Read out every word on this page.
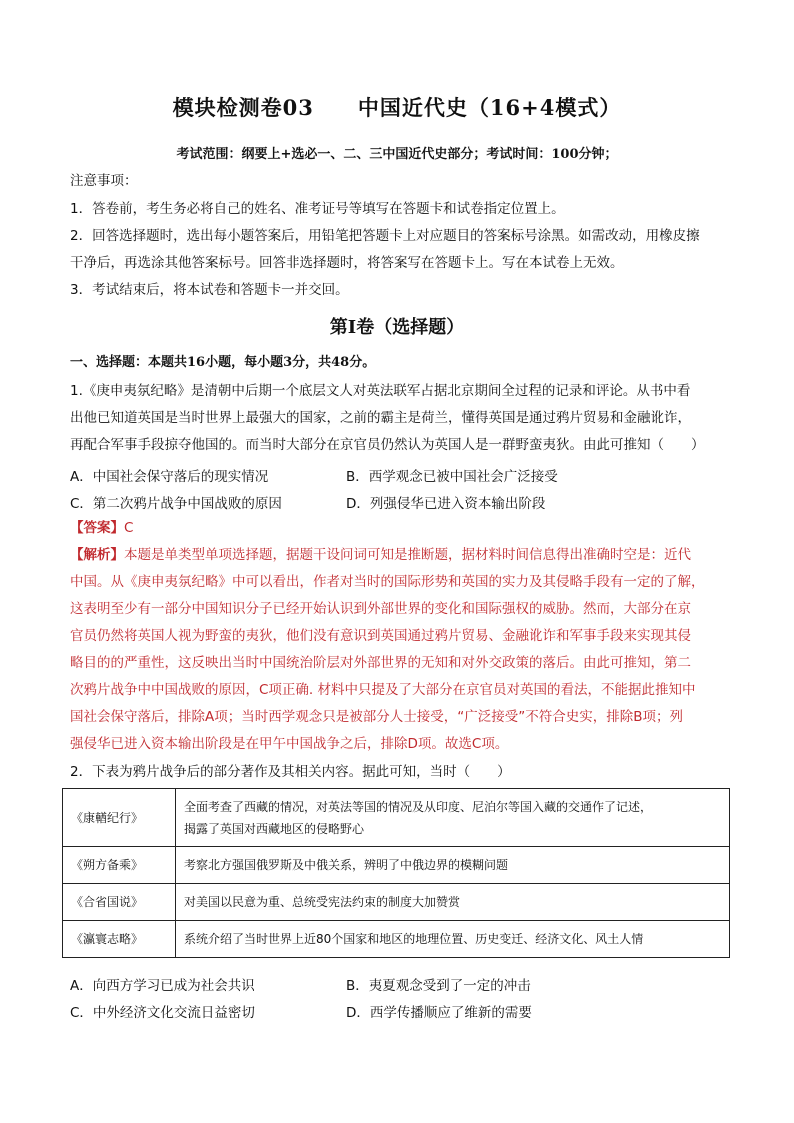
模块检测卷03　　中国近代史（16+4模式）
考试范围：纲要上+选必一、二、三中国近代史部分；考试时间：100分钟；
注意事项：
1．答卷前，考生务必将自己的姓名、准考证号等填写在答题卡和试卷指定位置上。
2．回答选择题时，选出每小题答案后，用铅笔把答题卡上对应题目的答案标号涂黑。如需改动，用橡皮擦
干净后，再选涂其他答案标号。回答非选择题时，将答案写在答题卡上。写在本试卷上无效。
3．考试结束后，将本试卷和答题卡一并交回。
第I卷（选择题）
一、选择题：本题共16小题，每小题3分，共48分。
1.《庚申夷氛纪略》是清朝中后期一个底层文人对英法联军占据北京期间全过程的记录和评论。从书中看
出他已知道英国是当时世界上最强大的国家，之前的霸主是荷兰，懂得英国是通过鸦片贸易和金融讹诈，
再配合军事手段掠夺他国的。而当时大部分在京官员仍然认为英国人是一群野蛮夷狄。由此可推知（　　）
A．中国社会保守落后的现实情况	B．西学观念已被中国社会广泛接受
C．第二次鸦片战争中国战败的原因	D．列强侵华已进入资本输出阶段
【答案】C
【解析】本题是单类型单项选择题，据题干设问词可知是推断题，据材料时间信息得出准确时空是：近代
中国。从《庚申夷氛纪略》中可以看出，作者对当时的国际形势和英国的实力及其侵略手段有一定的了解，
这表明至少有一部分中国知识分子已经开始认识到外部世界的变化和国际强权的威胁。然而，大部分在京
官员仍然将英国人视为野蛮的夷狄，他们没有意识到英国通过鸦片贸易、金融讹诈和军事手段来实现其侵
略目的的严重性，这反映出当时中国统治阶层对外部世界的无知和对外交政策的落后。由此可推知，第二
次鸦片战争中中国战败的原因，C项正确. 材料中只提及了大部分在京官员对英国的看法，不能据此推知中
国社会保守落后，排除A项；当时西学观念只是被部分人士接受，“广泛接受”不符合史实，排除B项；列
强侵华已进入资本输出阶段是在甲午中国战争之后，排除D项。故选C项。
2．下表为鸦片战争后的部分著作及其相关内容。据此可知，当时（　　）
《康輶纪行》	全面考查了西藏的情况，对英法等国的情况及从印度、尼泊尔等国入藏的交通作了记述，
揭露了英国对西藏地区的侵略野心

《朔方备乘》	考察北方强国俄罗斯及中俄关系，辨明了中俄边界的模糊问题
《合省国说》	对美国以民意为重、总统受宪法约束的制度大加赞赏
《瀛寰志略》	系统介绍了当时世界上近80个国家和地区的地理位置、历史变迁、经济文化、风土人情
A．向西方学习已成为社会共识	B．夷夏观念受到了一定的冲击
C．中外经济文化交流日益密切	D．西学传播顺应了维新的需要
